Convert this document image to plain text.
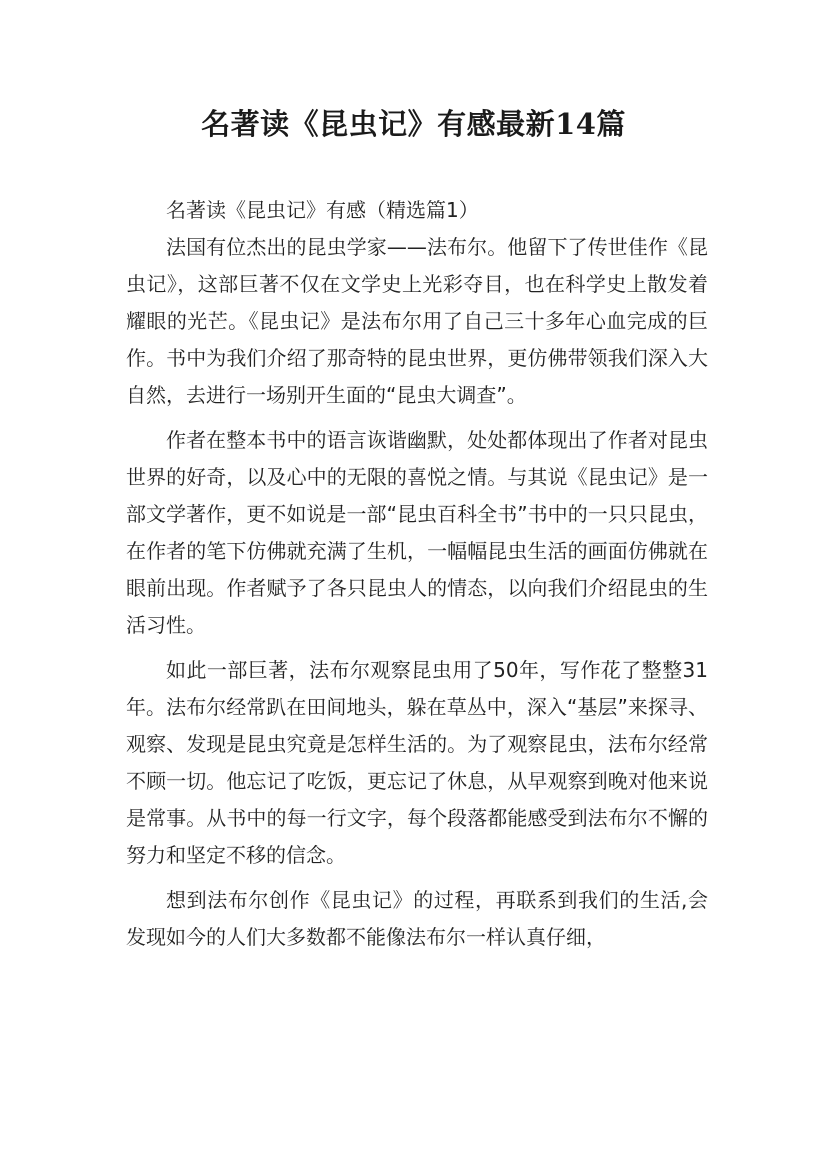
名著读《昆虫记》有感最新14篇

名著读《昆虫记》有感（精选篇1）

法国有位杰出的昆虫学家——法布尔。他留下了传世佳作《昆虫记》，这部巨著不仅在文学史上光彩夺目，也在科学史上散发着耀眼的光芒。《昆虫记》是法布尔用了自己三十多年心血完成的巨作。书中为我们介绍了那奇特的昆虫世界，更仿佛带领我们深入大自然，去进行一场别开生面的“昆虫大调查”。

作者在整本书中的语言诙谐幽默，处处都体现出了作者对昆虫世界的好奇，以及心中的无限的喜悦之情。与其说《昆虫记》是一部文学著作，更不如说是一部“昆虫百科全书”书中的一只只昆虫，在作者的笔下仿佛就充满了生机，一幅幅昆虫生活的画面仿佛就在眼前出现。作者赋予了各只昆虫人的情态，以向我们介绍昆虫的生活习性。

如此一部巨著，法布尔观察昆虫用了50年，写作花了整整31年。法布尔经常趴在田间地头，躲在草丛中，深入“基层”来探寻、观察、发现是昆虫究竟是怎样生活的。为了观察昆虫，法布尔经常不顾一切。他忘记了吃饭，更忘记了休息，从早观察到晚对他来说是常事。从书中的每一行文字，每个段落都能感受到法布尔不懈的努力和坚定不移的信念。

想到法布尔创作《昆虫记》的过程，再联系到我们的生活,会发现如今的人们大多数都不能像法布尔一样认真仔细，
